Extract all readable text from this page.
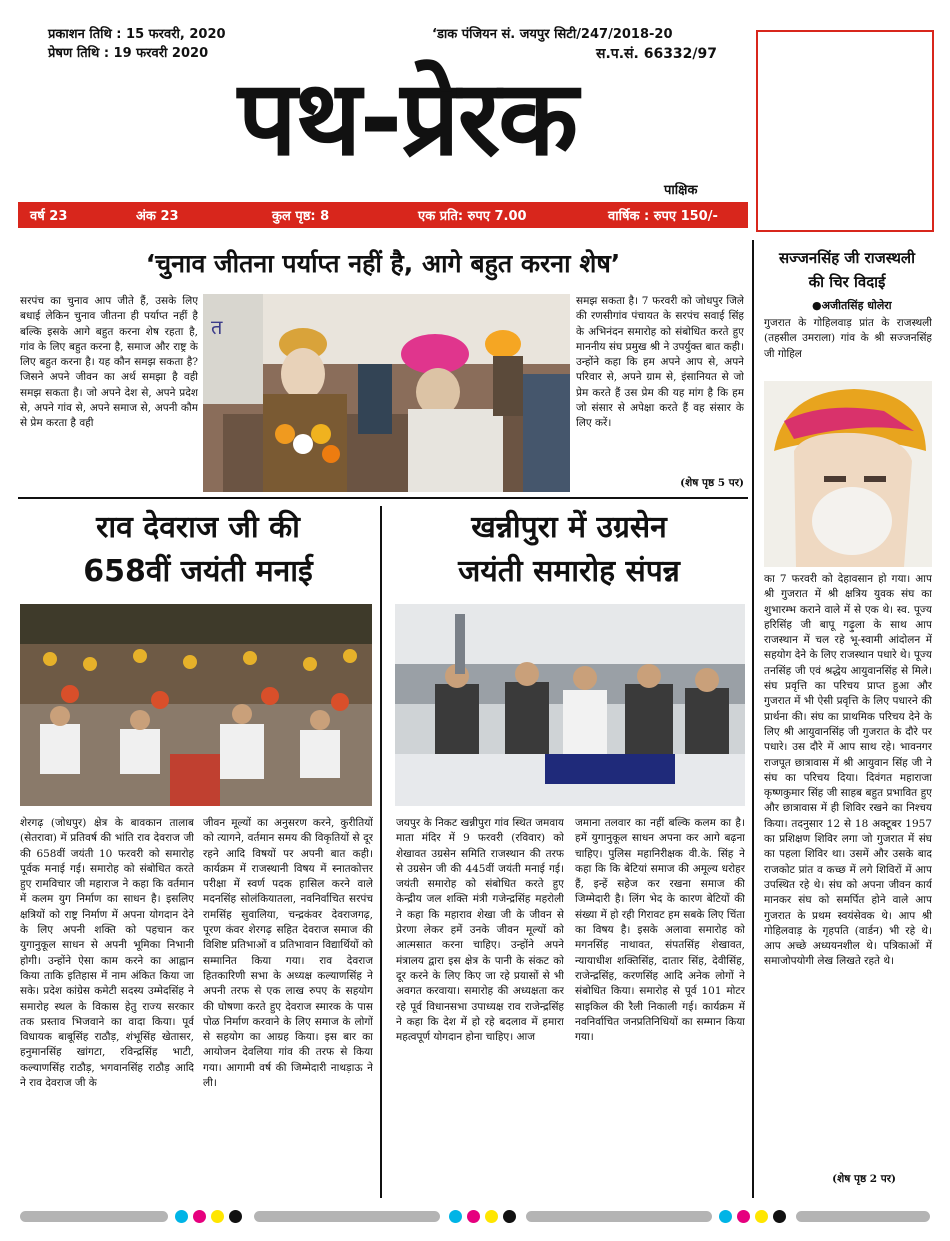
प्रकाशन तिथि : 15 फरवरी, 2020
प्रेषण तिथि : 19 फरवरी 2020
‘डाक पंजियन सं. जयपुर सिटी/247/2018-20
स.प.सं. 66332/97
पथ-प्रेरक
पाक्षिक
वर्ष 23	अंक 23	कुल पृष्ठ: 8	एक प्रति: रुपए 7.00	वार्षिक : रुपए 150/-
‘चुनाव जीतना पर्याप्त नहीं है, आगे बहुत करना शेष’
सरपंच का चुनाव आप जीते हैं, उसके लिए बधाई लेकिन चुनाव जीतना ही पर्याप्त नहीं है बल्कि इसके आगे बहुत करना शेष रहता है, गांव के लिए बहुत करना है, समाज और राष्ट्र के लिए बहुत करना है। यह कौन समझ सकता है? जिसने अपने जीवन का अर्थ समझा है वही समझ सकता है। जो अपने देश से, अपने प्रदेश से, अपने गांव से, अपने समाज से, अपनी कौम से प्रेम करता है वही
त
समझ सकता है। 7 फरवरी को जोधपुर जिले की रणसीगांव पंचायत के सरपंच सवाई सिंह के अभिनंदन समारोह को संबोधित करते हुए माननीय संघ प्रमुख श्री ने उपर्युक्त बात कही। उन्होंने कहा कि हम अपने आप से, अपने परिवार से, अपने ग्राम से, इंसानियत से जो प्रेम करते हैं उस प्रेम की यह मांग है कि हम जो संसार से अपेक्षा करते हैं वह संसार के लिए करें।
(शेष पृष्ठ 5 पर)
राव देवराज जी की
658वीं जयंती मनाई
शेरगढ़ (जोधपुर) क्षेत्र के बावकान तालाब (सेतरावा) में प्रतिवर्ष की भांति राव देवराज जी की 658वीं जयंती 10 फरवरी को समारोह पूर्वक मनाई गई। समारोह को संबोधित करते हुए रामविचार जी महाराज ने कहा कि वर्तमान में कलम युग निर्माण का साधन है। इसलिए क्षत्रियों को राष्ट्र निर्माण में अपना योगदान देने के लिए अपनी शक्ति को पहचान कर युगानुकूल साधन से अपनी भूमिका निभानी होगी। उन्होंने ऐसा काम करने का आह्वान किया ताकि इतिहास में नाम अंकित किया जा सके। प्रदेश कांग्रेस कमेटी सदस्य उम्मेदसिंह ने समारोह स्थल के विकास हेतु राज्य सरकार तक प्रस्ताव भिजवाने का वादा किया। पूर्व विधायक बाबूसिंह राठौड़, शंभूसिंह खेतासर, हनुमानसिंह खांगटा, रविन्द्रसिंह भाटी, कल्याणसिंह राठौड़, भगवानसिंह राठौड़ आदि ने राव देवराज जी के
जीवन मूल्यों का अनुसरण करने, कुरीतियों को त्यागने, वर्तमान समय की विकृतियों से दूर रहने आदि विषयों पर अपनी बात कही। कार्यक्रम में राजस्थानी विषय में स्नातकोत्तर परीक्षा में स्वर्ण पदक हासिल करने वाले मदनसिंह सोलंकियातला, नवनिर्वाचित सरपंच रामसिंह सुवालिया, चन्द्रकंवर देवराजगढ़, पूरण कंवर शेरगढ़ सहित देवराज समाज की विशिष्ट प्रतिभाओं व प्रतिभावान विद्यार्थियों को सम्मानित किया गया। राव देवराज हितकारिणी सभा के अध्यक्ष कल्याणसिंह ने अपनी तरफ से एक लाख रुपए के सहयोग की घोषणा करते हुए देवराज स्मारक के पास पोळ निर्माण करवाने के लिए समाज के लोगों से सहयोग का आग्रह किया। इस बार का आयोजन देवलिया गांव की तरफ से किया गया। आगामी वर्ष की जिम्मेदारी नाथड़ाऊ ने ली।
खन्नीपुरा में उग्रसेन
जयंती समारोह संपन्न
जयपुर के निकट खन्नीपुरा गांव स्थित जमवाय माता मंदिर में 9 फरवरी (रविवार) को शेखावत उग्रसेन समिति राजस्थान की तरफ से उग्रसेन जी की 445वीं जयंती मनाई गई। जयंती समारोह को संबोधित करते हुए केन्द्रीय जल शक्ति मंत्री गजेन्द्रसिंह महरोली ने कहा कि महाराव शेखा जी के जीवन से प्रेरणा लेकर हमें उनके जीवन मूल्यों को आत्मसात करना चाहिए। उन्होंने अपने मंत्रालय द्वारा इस क्षेत्र के पानी के संकट को दूर करने के लिए किए जा रहे प्रयासों से भी अवगत करवाया। समारोह की अध्यक्षता कर रहे पूर्व विधानसभा उपाध्यक्ष राव राजेन्द्रसिंह ने कहा कि देश में हो रहे बदलाव में हमारा महत्वपूर्ण योगदान होना चाहिए। आज
जमाना तलवार का नहीं बल्कि कलम का है। हमें युगानुकूल साधन अपना कर आगे बढ़ना चाहिए। पुलिस महानिरीक्षक वी.के. सिंह ने कहा कि कि बेटियां समाज की अमूल्य धरोहर हैं, इन्हें सहेज कर रखना समाज की जिम्मेदारी है। लिंग भेद के कारण बेटियों की संख्या में हो रही गिरावट हम सबके लिए चिंता का विषय है। इसके अलावा समारोह को मगनसिंह नाथावत, संपतसिंह शेखावत, न्यायाधीश शक्तिसिंह, दातार सिंह, देवीसिंह, राजेन्द्रसिंह, करणसिंह आदि अनेक लोगों ने संबोधित किया। समारोह से पूर्व 101 मोटर साइकिल की रैली निकाली गई। कार्यक्रम में नवनिर्वाचित जनप्रतिनिधियों का सम्मान किया गया।
सज्जनसिंह जी राजस्थली
की चिर विदाई
●अजीतसिंह धोलेरा
गुजरात के गोहिलवाड़ प्रांत के राजस्थली (तहसील उमराला) गांव के श्री सज्जनसिंह जी गोहिल
का 7 फरवरी को देहावसान हो गया। आप श्री गुजरात में श्री क्षत्रिय युवक संघ का शुभारम्भ कराने वाले में से एक थे। स्व. पूज्य हरिसिंह जी बापू गढ़ुला के साथ आप राजस्थान में चल रहे भू-स्वामी आंदोलन में सहयोग देने के लिए राजस्थान पधारे थे। पूज्य तनसिंह जी एवं श्रद्धेय आयुवानसिंह से मिले। संघ प्रवृत्ति का परिचय प्राप्त हुआ और गुजरात में भी ऐसी प्रवृत्ति के लिए पधारने की प्रार्थना की। संघ का प्राथमिक परिचय देने के लिए श्री आयुवानसिंह जी गुजरात के दौरे पर पधारे। उस दौरे में आप साथ रहे। भावनगर राजपूत छात्रावास में श्री आयुवान सिंह जी ने संघ का परिचय दिया। दिवंगत महाराजा कृष्णकुमार सिंह जी साहब बहुत प्रभावित हुए और छात्रावास में ही शिविर रखने का निश्चय किया। तदनुसार 12 से 18 अक्टूबर 1957 का प्रशिक्षण शिविर लगा जो गुजरात में संघ का पहला शिविर था। उसमें और उसके बाद राजकोट प्रांत व कच्छ में लगे शिविरों में आप उपस्थित रहे थे। संघ को अपना जीवन कार्य मानकर संघ को समर्पित होने वाले आप गुजरात के प्रथम स्वयंसेवक थे। आप श्री गोहिलवाड़ के गृहपति (वार्डन) भी रहे थे। आप अच्छे अध्ययनशील थे। पत्रिकाओं में समाजोपयोगी लेख लिखते रहते थे।
(शेष पृष्ठ 2 पर)
